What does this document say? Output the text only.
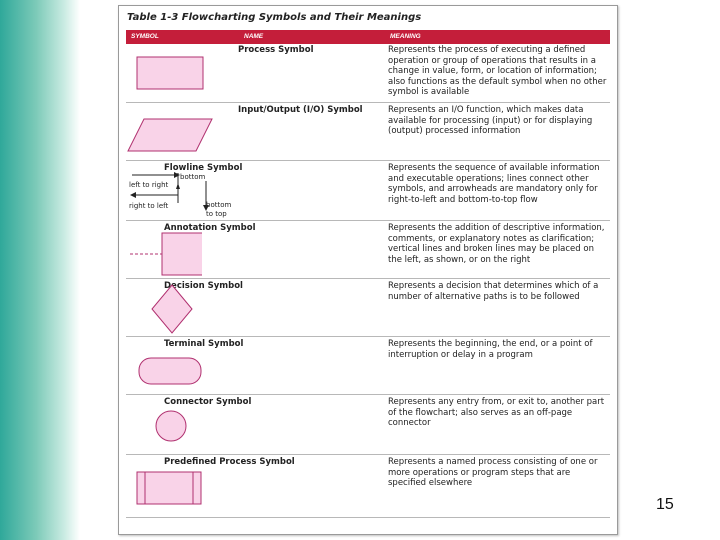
Table 1-3 Flowcharting Symbols and Their Meanings
SYMBOL	NAME	MEANING
Process Symbol	Represents the process of executing a defined operation or group of operations that results in a change in value, form, or location of information; also functions as the default symbol when no other symbol is available
Input/Output (I/O) Symbol	Represents an I/O function, which makes data available for processing (input) or for displaying (output) processed information
Flowline Symbol	Represents the sequence of available information and executable operations; lines connect other symbols, and arrowheads are mandatory only for right-to-left and bottom-to-top flow
left to right
bottom
right to left	bottom
to top
Annotation Symbol	Represents the addition of descriptive information, comments, or explanatory notes as clarification; vertical lines and broken lines may be placed on the left, as shown, or on the right
Decision Symbol	Represents a decision that determines which of a number of alternative paths is to be followed
Terminal Symbol	Represents the beginning, the end, or a point of interruption or delay in a program
Connector Symbol	Represents any entry from, or exit to, another part of the flowchart; also serves as an off-page connector
Predefined Process Symbol	Represents a named process consisting of one or more operations or program steps that are specified elsewhere
15
